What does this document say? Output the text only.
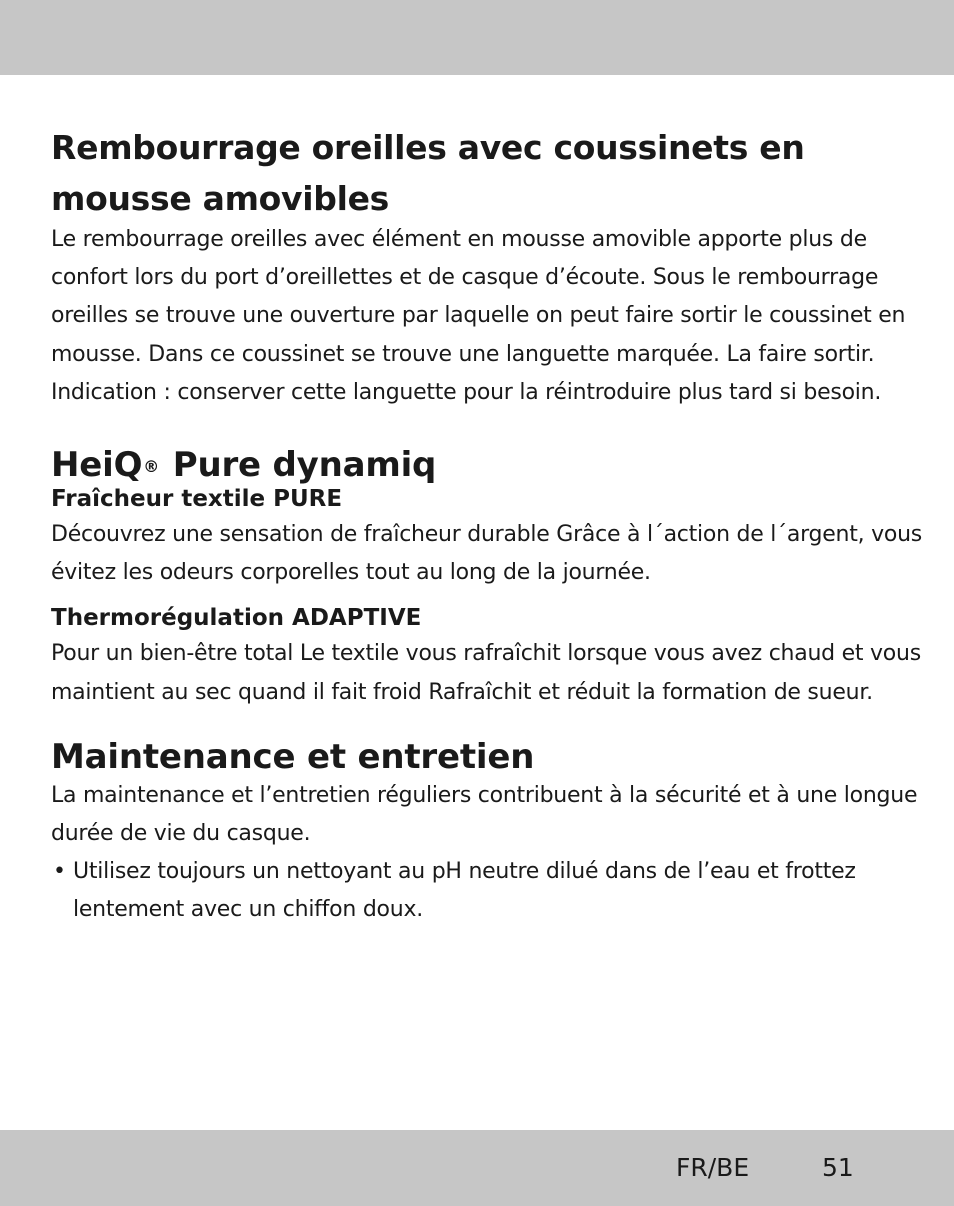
Rembourrage oreilles avec coussinets en mousse amovibles

Le rembourrage oreilles avec élément en mousse amovible apporte plus de confort lors du port d’oreillettes et de casque d’écoute. Sous le rembourrage oreilles se trouve une ouverture par laquelle on peut faire sortir le coussinet en mousse. Dans ce coussinet se trouve une languette marquée. La faire sortir. Indication : conserver cette languette pour la réintroduire plus tard si besoin.

HeiQ® Pure dynamiq
Fraîcheur textile PURE

Découvrez une sensation de fraîcheur durable Grâce à l´action de l´argent, vous évitez les odeurs corporelles tout au long de la journée.

Thermorégulation ADAPTIVE

Pour un bien-être total Le textile vous rafraîchit lorsque vous avez chaud et vous maintient au sec quand il fait froid Rafraîchit et réduit la formation de sueur.

Maintenance et entretien

La maintenance et l’entretien réguliers contribuent à la sécurité et à une longue durée de vie du casque.

• Utilisez toujours un nettoyant au pH neutre dilué dans de l’eau et frottez lentement avec un chiffon doux.

FR/BE	51
